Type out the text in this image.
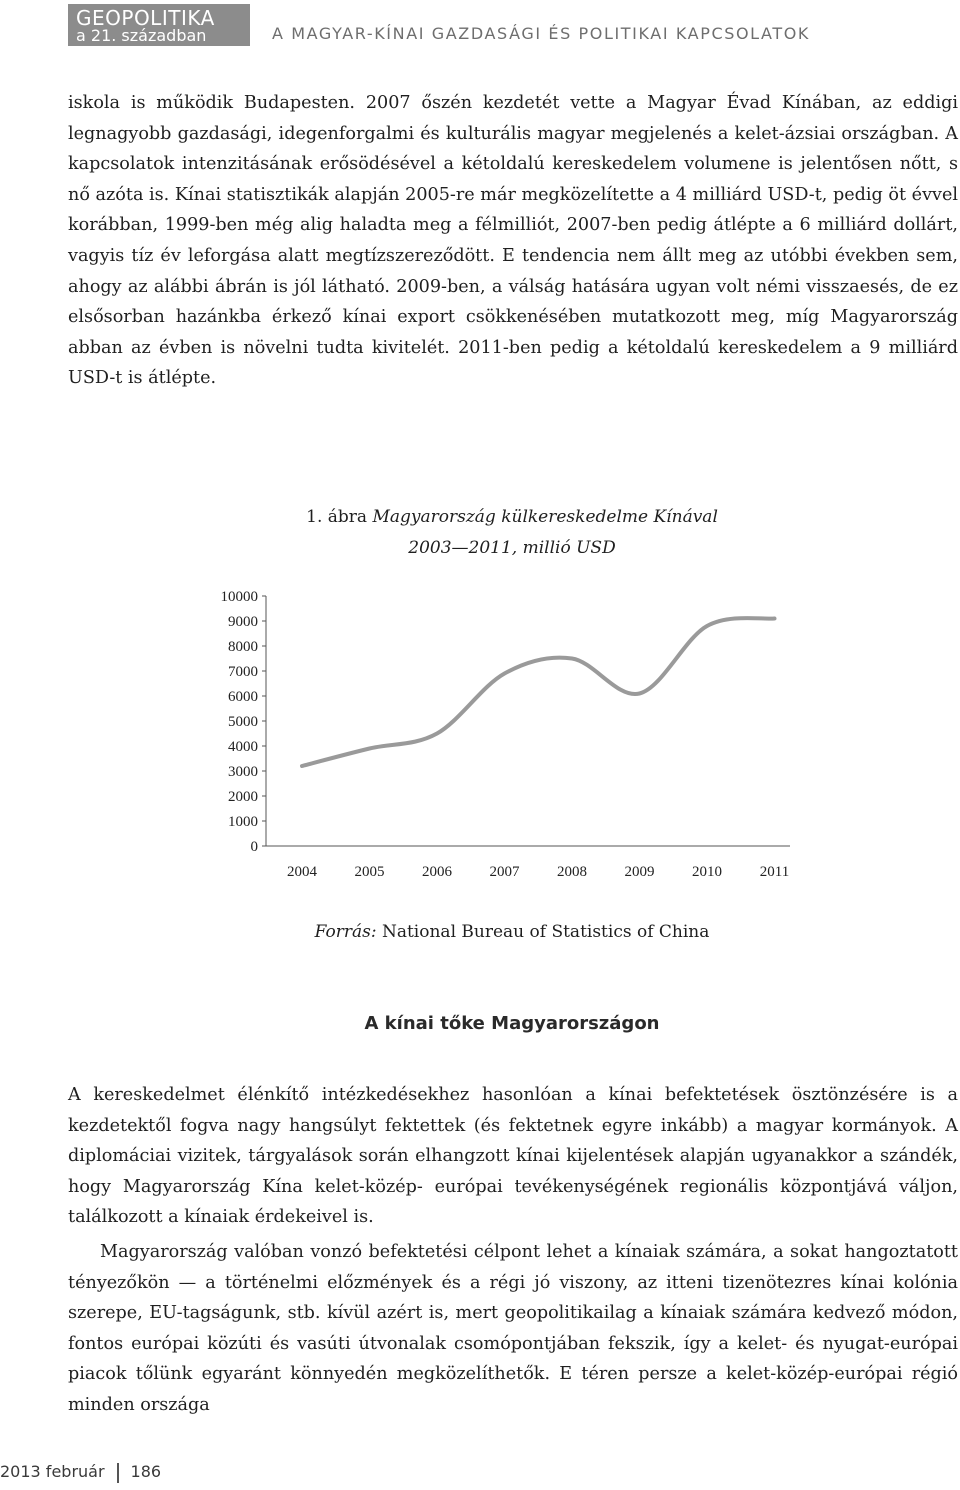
GEOPOLITIKA
a 21. században	A MAGYAR-KÍNAI GAZDASÁGI ÉS POLITIKAI KAPCSOLATOK

iskola is működik Budapesten. 2007 őszén kezdetét vette a Magyar Évad Kínában, az eddigi legnagyobb gazdasági, idegenforgalmi és kulturális magyar megjelenés a kelet-ázsiai országban. A kapcsolatok intenzitásának erősödésével a kétoldalú kereskedelem volumene is jelentősen nőtt, s nő azóta is. Kínai statisztikák alapján 2005-re már megközelítette a 4 milliárd USD-t, pedig öt évvel korábban, 1999-ben még alig haladta meg a félmilliót, 2007-ben pedig átlépte a 6 milliárd dollárt, vagyis tíz év leforgása alatt megtízszereződött. E tendencia nem állt meg az utóbbi években sem, ahogy az alábbi ábrán is jól látható. 2009-ben, a válság hatására ugyan volt némi visszaesés, de ez elsősorban hazánkba érkező kínai export csökkenésében mutatkozott meg, míg Magyarország abban az évben is növelni tudta kivitelét. 2011-ben pedig a kétoldalú kereskedelem a 9 milliárd USD-t is átlépte.

1. ábra Magyarország külkereskedelme Kínával

2003—2011, millió USD

0
1000
2000
3000
4000
5000
6000
7000
8000
9000
10000
2004	2005	2006	2007	2008	2009	2010	2011

Forrás: National Bureau of Statistics of China

A kínai tőke Magyarországon

A kereskedelmet élénkítő intézkedésekhez hasonlóan a kínai befektetések ösztönzésére is a kezdetektől fogva nagy hangsúlyt fektettek (és fektetnek egyre inkább) a magyar kormányok. A diplomáciai vizitek, tárgyalások során elhangzott kínai kijelentések alapján ugyanakkor a szándék, hogy Magyarország Kína kelet-közép- európai tevékenységének regionális központjává váljon, találkozott a kínaiak érdekeivel is.

Magyarország valóban vonzó befektetési célpont lehet a kínaiak számára, a sokat hangoztatott tényezőkön — a történelmi előzmények és a régi jó viszony, az itteni tizenötezres kínai kolónia szerepe, EU-tagságunk, stb. kívül azért is, mert geopolitikailag a kínaiak számára kedvező módon, fontos európai közúti és vasúti útvonalak csomópontjában fekszik, így a kelet- és nyugat-európai piacok tőlünk egyaránt könnyedén megközelíthetők. E téren persze a kelet-közép-európai régió minden országa

2013 február 186
